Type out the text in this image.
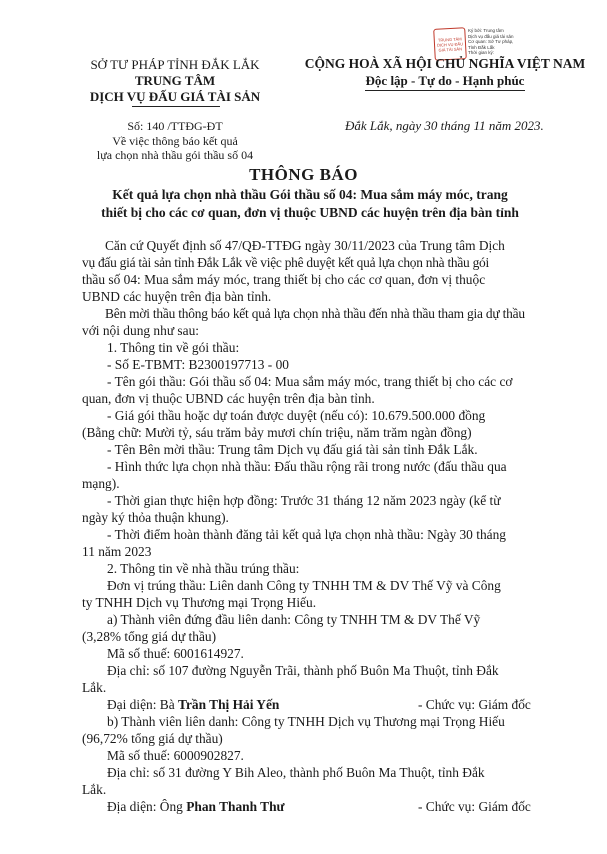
SỞ TƯ PHÁP TỈNH ĐẮK LẮK
TRUNG TÂM
DỊCH VỤ ĐẤU GIÁ TÀI SẢN
Số: 140 /TTĐG-ĐT
Về việc thông báo kết quả
lựa chọn nhà thầu gói thầu số 04
TRUNG TÂM DỊCH VỤ ĐẤU GIÁ TÀI SẢN
Ký bởi: Trung tâm
Dịch vụ đấu giá tài sản
Cơ quan: Sở Tư pháp,
Tỉnh Đắk Lắk
Thời gian ký:
CỘNG HOÀ XÃ HỘI CHỦ NGHĨA VIỆT NAM
Độc lập - Tự do - Hạnh phúc
Đắk Lắk, ngày 30 tháng 11 năm 2023.
THÔNG BÁO
Kết quả lựa chọn nhà thầu Gói thầu số 04: Mua sắm máy móc, trang
thiết bị cho các cơ quan, đơn vị thuộc UBND các huyện trên địa bàn tỉnh
Căn cứ Quyết định số 47/QĐ-TTĐG ngày 30/11/2023 của Trung tâm Dịch
vụ đấu giá tài sản tỉnh Đắk Lắk về việc phê duyệt kết quả lựa chọn nhà thầu gói
thầu số 04: Mua sắm máy móc, trang thiết bị cho các cơ quan, đơn vị thuộc
UBND các huyện trên địa bàn tỉnh.
Bên mời thầu thông báo kết quả lựa chọn nhà thầu đến nhà thầu tham gia dự thầu
với nội dung như sau:
1. Thông tin về gói thầu:
- Số E-TBMT: B2300197713 - 00
- Tên gói thầu: Gói thầu số 04: Mua sắm máy móc, trang thiết bị cho các cơ
quan, đơn vị thuộc UBND các huyện trên địa bàn tỉnh.
- Giá gói thầu hoặc dự toán được duyệt (nếu có): 10.679.500.000 đồng
(Bằng chữ: Mười tỷ, sáu trăm bảy mươi chín triệu, năm trăm ngàn đồng)
- Tên Bên mời thầu: Trung tâm Dịch vụ đấu giá tài sản tỉnh Đắk Lắk.
- Hình thức lựa chọn nhà thầu: Đấu thầu rộng rãi trong nước (đấu thầu qua
mạng).
- Thời gian thực hiện hợp đồng: Trước 31 tháng 12 năm 2023 ngày (kể từ
ngày ký thỏa thuận khung).
- Thời điểm hoàn thành đăng tải kết quả lựa chọn nhà thầu: Ngày 30 tháng
11 năm 2023
2. Thông tin về nhà thầu trúng thầu:
Đơn vị trúng thầu: Liên danh Công ty TNHH TM & DV Thế Vỹ và Công
ty TNHH Dịch vụ Thương mại Trọng Hiếu.
a) Thành viên đứng đầu liên danh: Công ty TNHH TM & DV Thế Vỹ
(3,28% tổng giá dự thầu)
Mã số thuế: 6001614927.
Địa chỉ: số 107 đường Nguyễn Trãi, thành phố Buôn Ma Thuột, tỉnh Đắk
Lắk.
Đại diện: Bà Trần Thị Hải Yến	- Chức vụ: Giám đốc
b) Thành viên liên danh: Công ty TNHH Dịch vụ Thương mại Trọng Hiếu
(96,72% tổng giá dự thầu)
Mã số thuế: 6000902827.
Địa chỉ: số 31 đường Y Bih Aleo, thành phố Buôn Ma Thuột, tỉnh Đắk
Lắk.
Địa diện: Ông Phan Thanh Thư	- Chức vụ: Giám đốc
